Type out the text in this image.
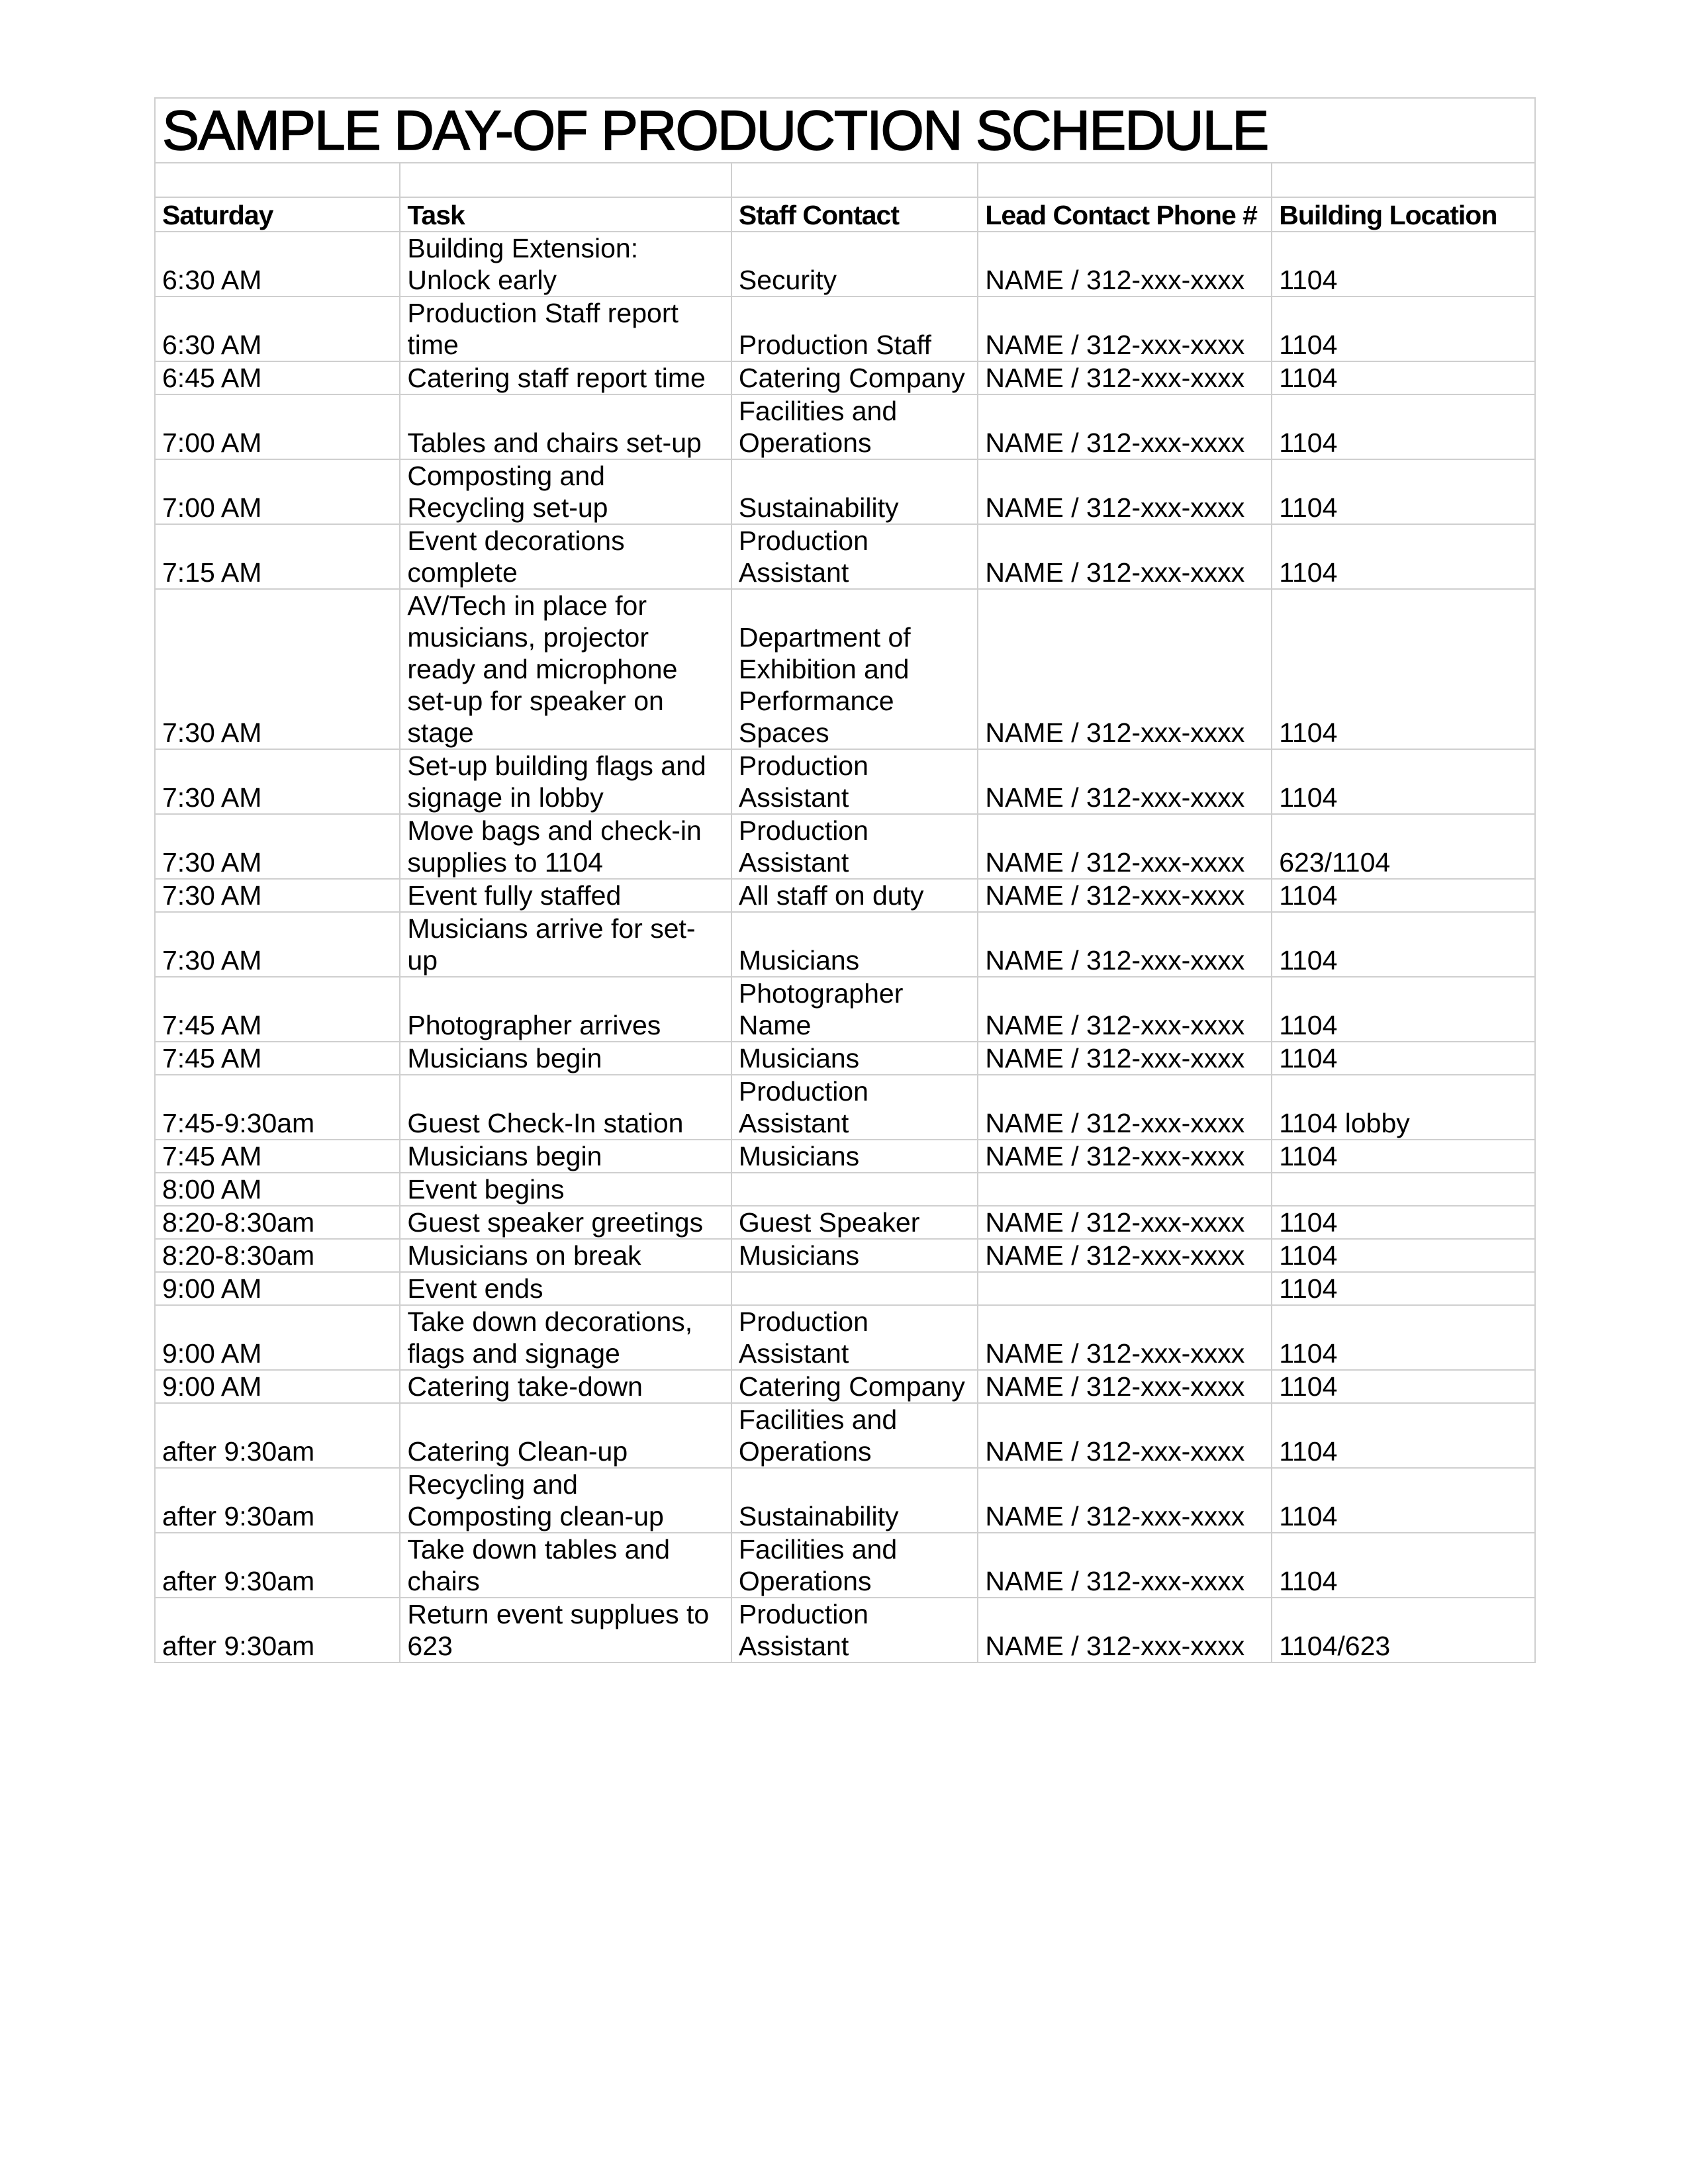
SAMPLE DAY-OF PRODUCTION SCHEDULE				

Saturday	Task	Staff Contact	Lead Contact Phone #	Building Location
6:30 AM	Building Extension: Unlock early	Security	NAME / 312-xxx-xxxx	1104
6:30 AM	Production Staff report time	Production Staff	NAME / 312-xxx-xxxx	1104
6:45 AM	Catering staff report time	Catering Company	NAME / 312-xxx-xxxx	1104
7:00 AM	Tables and chairs set-up	Facilities and Operations	NAME / 312-xxx-xxxx	1104
7:00 AM	Composting and Recycling set-up	Sustainability	NAME / 312-xxx-xxxx	1104
7:15 AM	Event decorations complete	Production Assistant	NAME / 312-xxx-xxxx	1104
7:30 AM	AV/Tech in place for musicians, projector ready and microphone set-up for speaker on stage	Department of Exhibition and Performance Spaces	NAME / 312-xxx-xxxx	1104
7:30 AM	Set-up building flags and signage in lobby	Production Assistant	NAME / 312-xxx-xxxx	1104
7:30 AM	Move bags and check-in supplies to 1104	Production Assistant	NAME / 312-xxx-xxxx	623/1104
7:30 AM	Event fully staffed	All staff on duty	NAME / 312-xxx-xxxx	1104
7:30 AM	Musicians arrive for set-up	Musicians	NAME / 312-xxx-xxxx	1104
7:45 AM	Photographer arrives	Photographer Name	NAME / 312-xxx-xxxx	1104
7:45 AM	Musicians begin	Musicians	NAME / 312-xxx-xxxx	1104
7:45-9:30am	Guest Check-In station	Production Assistant	NAME / 312-xxx-xxxx	1104 lobby
7:45 AM	Musicians begin	Musicians	NAME / 312-xxx-xxxx	1104
8:00 AM	Event begins			
8:20-8:30am	Guest speaker greetings	Guest Speaker	NAME / 312-xxx-xxxx	1104
8:20-8:30am	Musicians on break	Musicians	NAME / 312-xxx-xxxx	1104
9:00 AM	Event ends			1104
9:00 AM	Take down decorations, flags and signage	Production Assistant	NAME / 312-xxx-xxxx	1104
9:00 AM	Catering take-down	Catering Company	NAME / 312-xxx-xxxx	1104
after 9:30am	Catering Clean-up	Facilities and Operations	NAME / 312-xxx-xxxx	1104
after 9:30am	Recycling and Composting clean-up	Sustainability	NAME / 312-xxx-xxxx	1104
after 9:30am	Take down tables and chairs	Facilities and Operations	NAME / 312-xxx-xxxx	1104
after 9:30am	Return event supplues to 623	Production Assistant	NAME / 312-xxx-xxxx	1104/623
